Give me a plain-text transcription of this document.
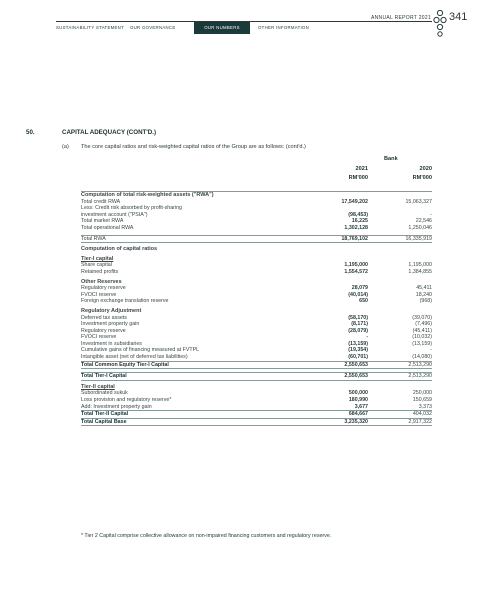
ANNUAL REPORT 2021
SUSTAINABILITY STATEMENT	OUR GOVERNANCE	OUR NUMBERS	OTHER INFORMATION
341
50.	CAPITAL ADEQUACY (CONT'D.)
(a) The core capital ratios and risk-weighted capital ratios of the Group are as follows: (cont'd.)
Bank
2021	2020
RM'000	RM'000
Computation of total risk-weighted assets ("RWA")
Total credit RWA	17,549,202	15,063,327
Less: Credit risk absorbed by profit-sharing
investment account ("PSIA")	(98,453)	-
Total market RWA	16,225	22,546
Total operational RWA	1,302,128	1,250,046
Total RWA	18,769,102	16,335,919
Computation of capital ratios
Tier-I capital
Share capital	1,195,000	1,195,000
Retained profits	1,554,572	1,384,855
Other Reserves
Regulatory reserve	28,079	45,411
FVOCI reserve	(40,014)	18,240
Foreign exchange translation reserve	650	(968)
Regulatory Adjustment
Deferred tax assets	(58,170)	(39,070)
Investment property gain	(8,171)	(7,496)
Regulatory reserve	(28,079)	(45,411)
FVOCI reserve	-	(10,032)
Investment in subsidiaries	(13,159)	(13,159)
Cumulative gains of financing measured at FVTPL	(19,354)	-
Intangible asset (net of deferred tax liabilities)	(60,701)	(14,080)
Total Common Equity Tier-I Capital	2,550,653	2,513,290
Total Tier-I Capital	2,550,653	2,513,290
Tier-II capital
Subordinated sukuk	500,000	250,000
Loss provision and regulatory reserve*	180,990	150,659
Add: Investment property gain	3,677	3,373
Total Tier-II Capital	684,667	404,032
Total Capital Base	3,235,320	2,917,322
* Tier 2 Capital comprise collective allowance on non-impaired financing customers and regulatory reserve.
